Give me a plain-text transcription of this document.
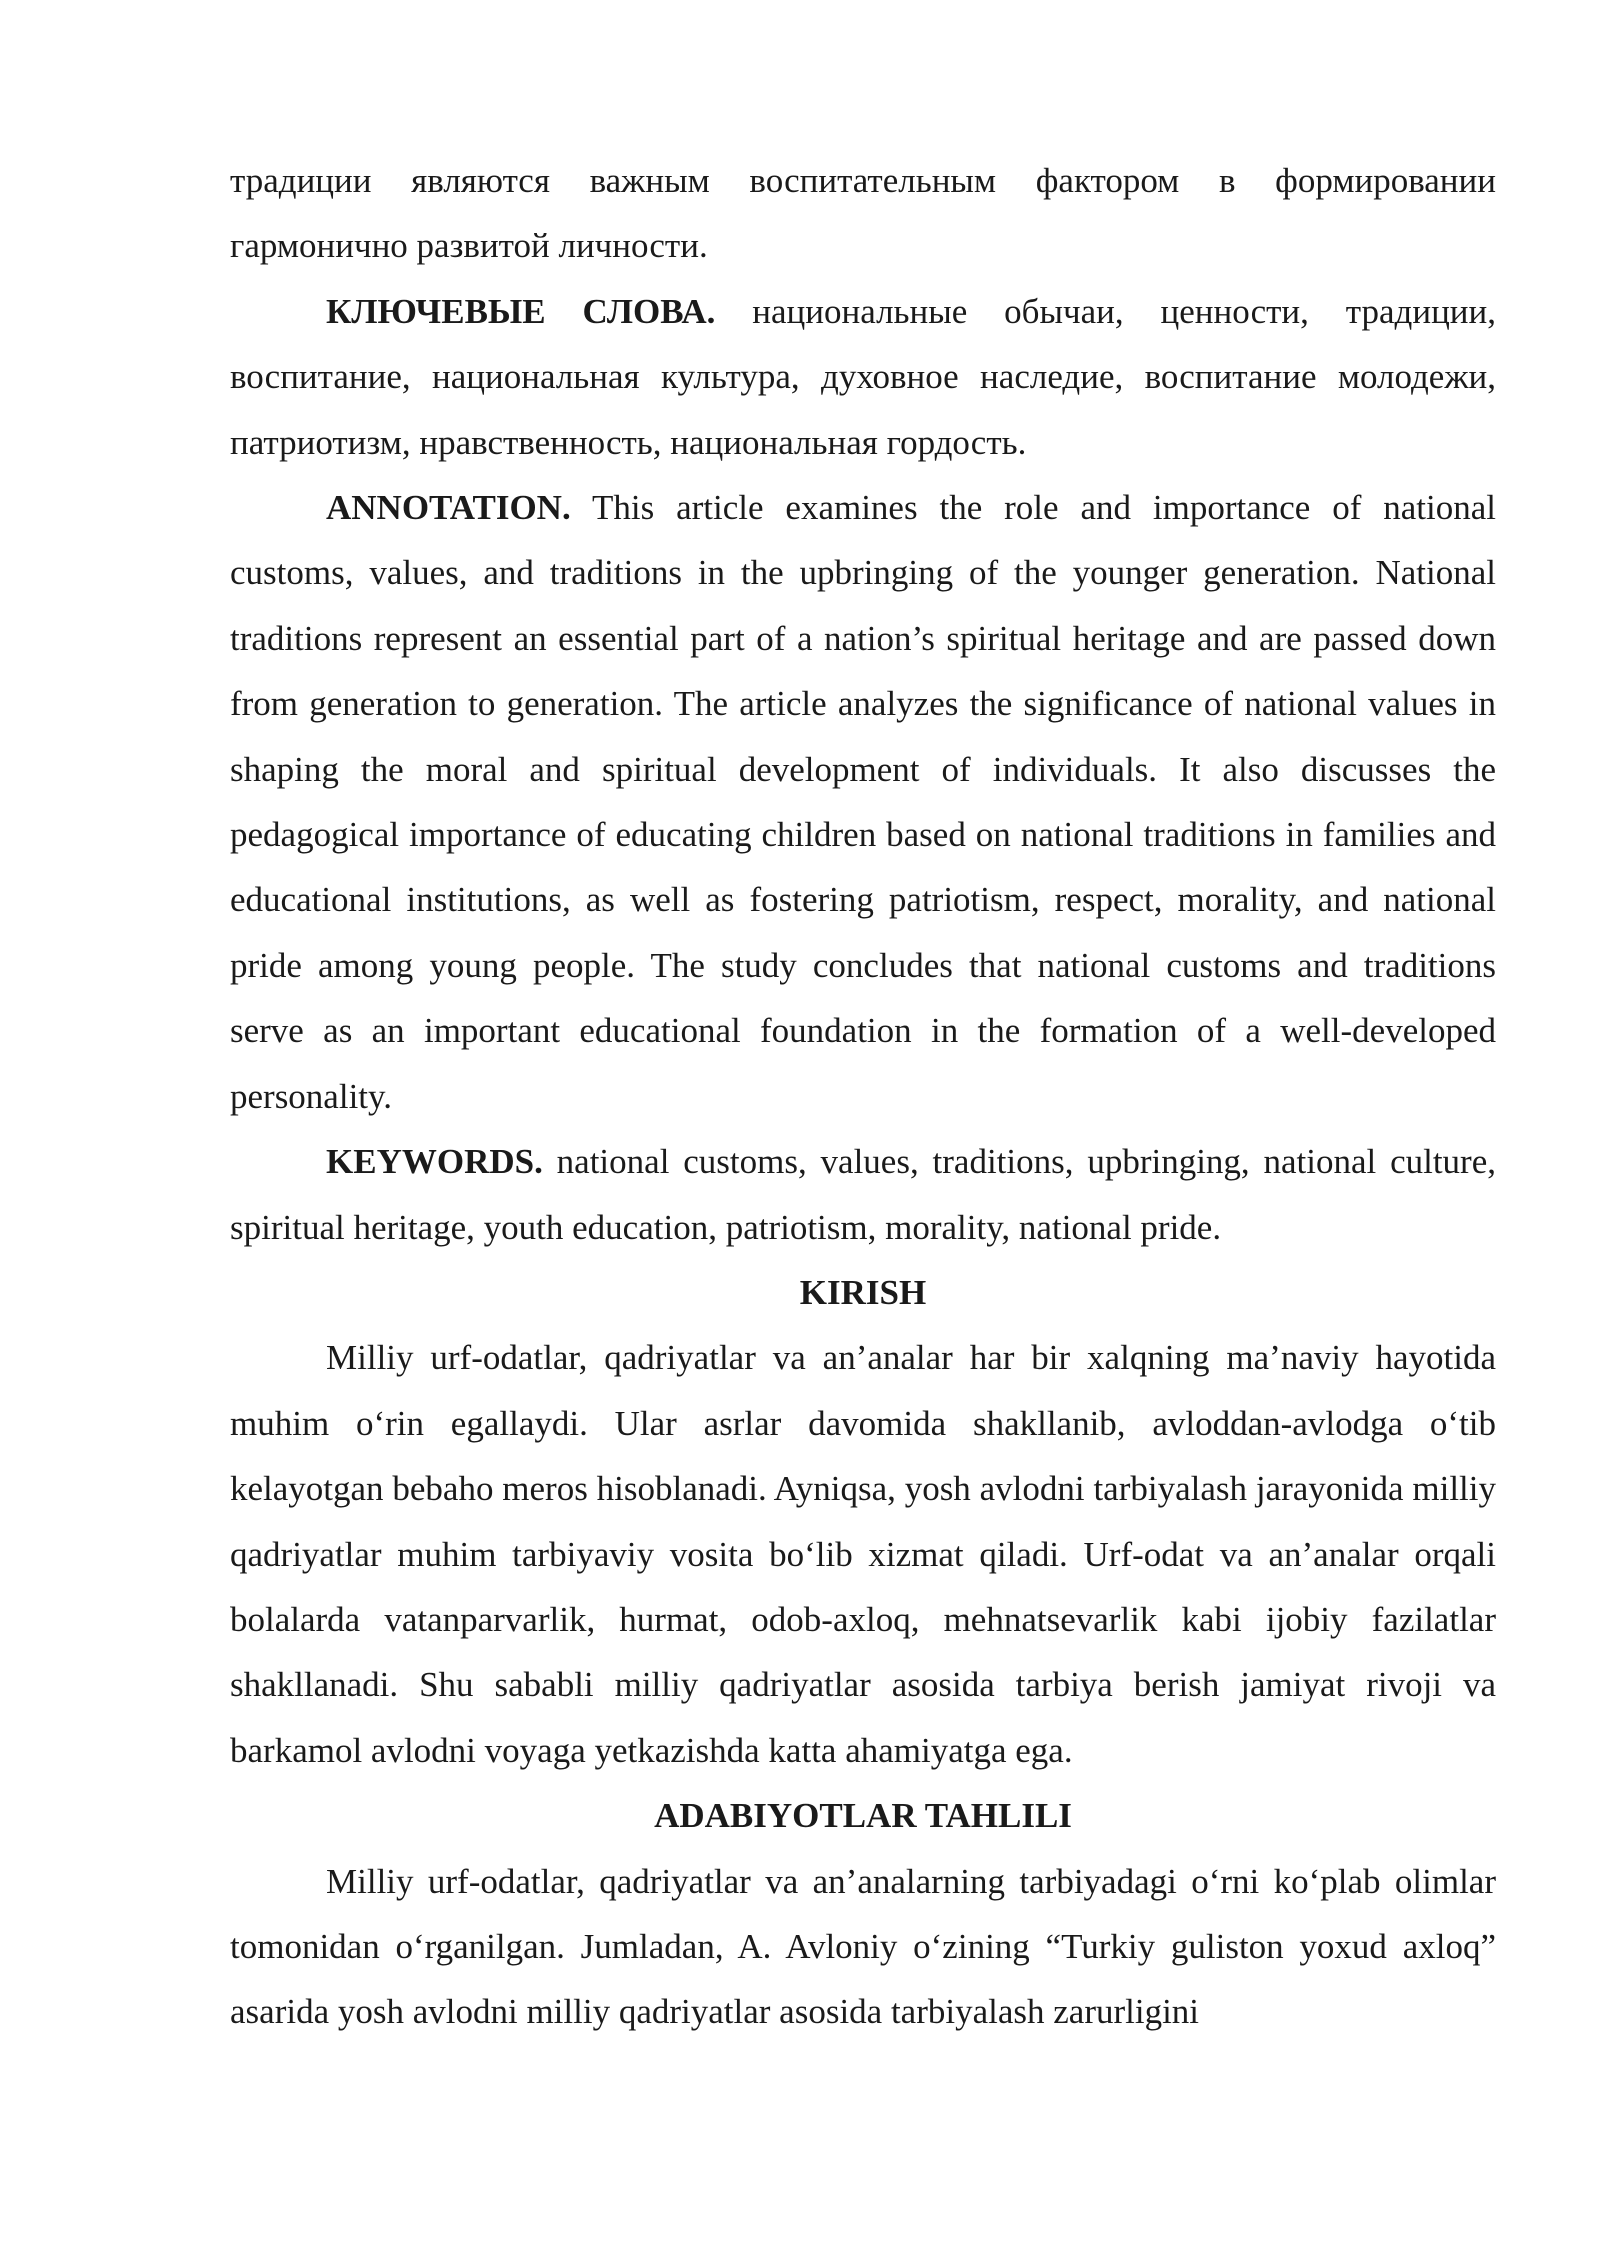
традиции являются важным воспитательным фактором в формировании гармонично развитой личности.

КЛЮЧЕВЫЕ СЛОВА. национальные обычаи, ценности, традиции, воспитание, национальная культура, духовное наследие, воспитание молодежи, патриотизм, нравственность, национальная гордость.

ANNOTATION. This article examines the role and importance of national customs, values, and traditions in the upbringing of the younger generation. National traditions represent an essential part of a nation’s spiritual heritage and are passed down from generation to generation. The article analyzes the significance of national values in shaping the moral and spiritual development of individuals. It also discusses the pedagogical importance of educating children based on national traditions in families and educational institutions, as well as fostering patriotism, respect, morality, and national pride among young people. The study concludes that national customs and traditions serve as an important educational foundation in the formation of a well-developed personality.

KEYWORDS. national customs, values, traditions, upbringing, national culture, spiritual heritage, youth education, patriotism, morality, national pride.

KIRISH

Milliy urf-odatlar, qadriyatlar va an’analar har bir xalqning ma’naviy hayotida muhim o‘rin egallaydi. Ular asrlar davomida shakllanib, avloddan-avlodga o‘tib kelayotgan bebaho meros hisoblanadi. Ayniqsa, yosh avlodni tarbiyalash jarayonida milliy qadriyatlar muhim tarbiyaviy vosita bo‘lib xizmat qiladi. Urf-odat va an’analar orqali bolalarda vatanparvarlik, hurmat, odob-axloq, mehnatsevarlik kabi ijobiy fazilatlar shakllanadi. Shu sababli milliy qadriyatlar asosida tarbiya berish jamiyat rivoji va barkamol avlodni voyaga yetkazishda katta ahamiyatga ega.

ADABIYOTLAR TAHLILI

Milliy urf-odatlar, qadriyatlar va an’analarning tarbiyadagi o‘rni ko‘plab olimlar tomonidan o‘rganilgan. Jumladan, A. Avloniy o‘zining “Turkiy guliston yoxud axloq” asarida yosh avlodni milliy qadriyatlar asosida tarbiyalash zarurligini
